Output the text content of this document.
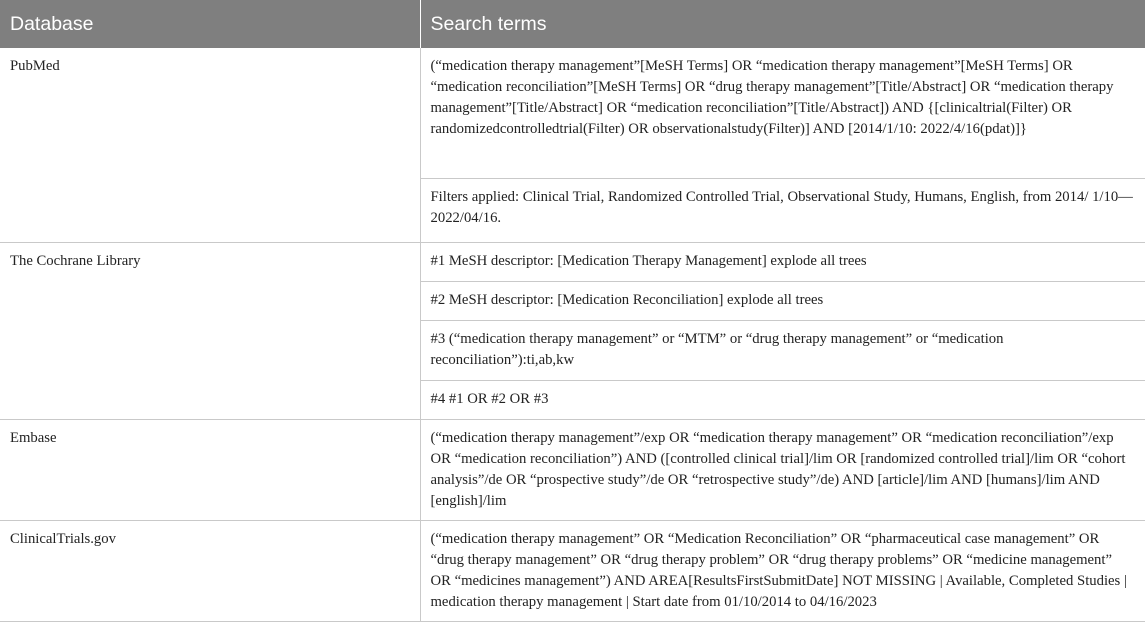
Database	Search terms
PubMed	(“medication therapy management”[MeSH Terms] OR “medication therapy management”[MeSH Terms] OR “medication reconciliation”[MeSH Terms] OR “drug therapy management”[Title/Abstract] OR “medication therapy management”[Title/Abstract] OR “medication reconciliation”[Title/Abstract]) AND {[clinicaltrial(Filter) OR randomizedcontrolledtrial(Filter) OR observationalstudy(Filter)] AND [2014/1/10: 2022/4/16(pdat)]}
	Filters applied: Clinical Trial, Randomized Controlled Trial, Observational Study, Humans, English, from 2014/ 1/10—2022/04/16.
The Cochrane Library	#1 MeSH descriptor: [Medication Therapy Management] explode all trees
	#2 MeSH descriptor: [Medication Reconciliation] explode all trees
	#3 (“medication therapy management” or “MTM” or “drug therapy management” or “medication reconciliation”):ti,ab,kw
	#4 #1 OR #2 OR #3
Embase	(“medication therapy management”/exp OR “medication therapy management” OR “medication reconciliation”/exp OR “medication reconciliation”) AND ([controlled clinical trial]/lim OR [randomized controlled trial]/lim OR “cohort analysis”/de OR “prospective study”/de OR “retrospective study”/de) AND [article]/lim AND [humans]/lim AND [english]/lim
ClinicalTrials.gov	(“medication therapy management” OR “Medication Reconciliation” OR “pharmaceutical case management” OR “drug therapy management” OR “drug therapy problem” OR “drug therapy problems” OR “medicine management” OR “medicines management”) AND AREA[ResultsFirstSubmitDate] NOT MISSING | Available, Completed Studies | medication therapy management | Start date from 01/10/2014 to 04/16/2023
